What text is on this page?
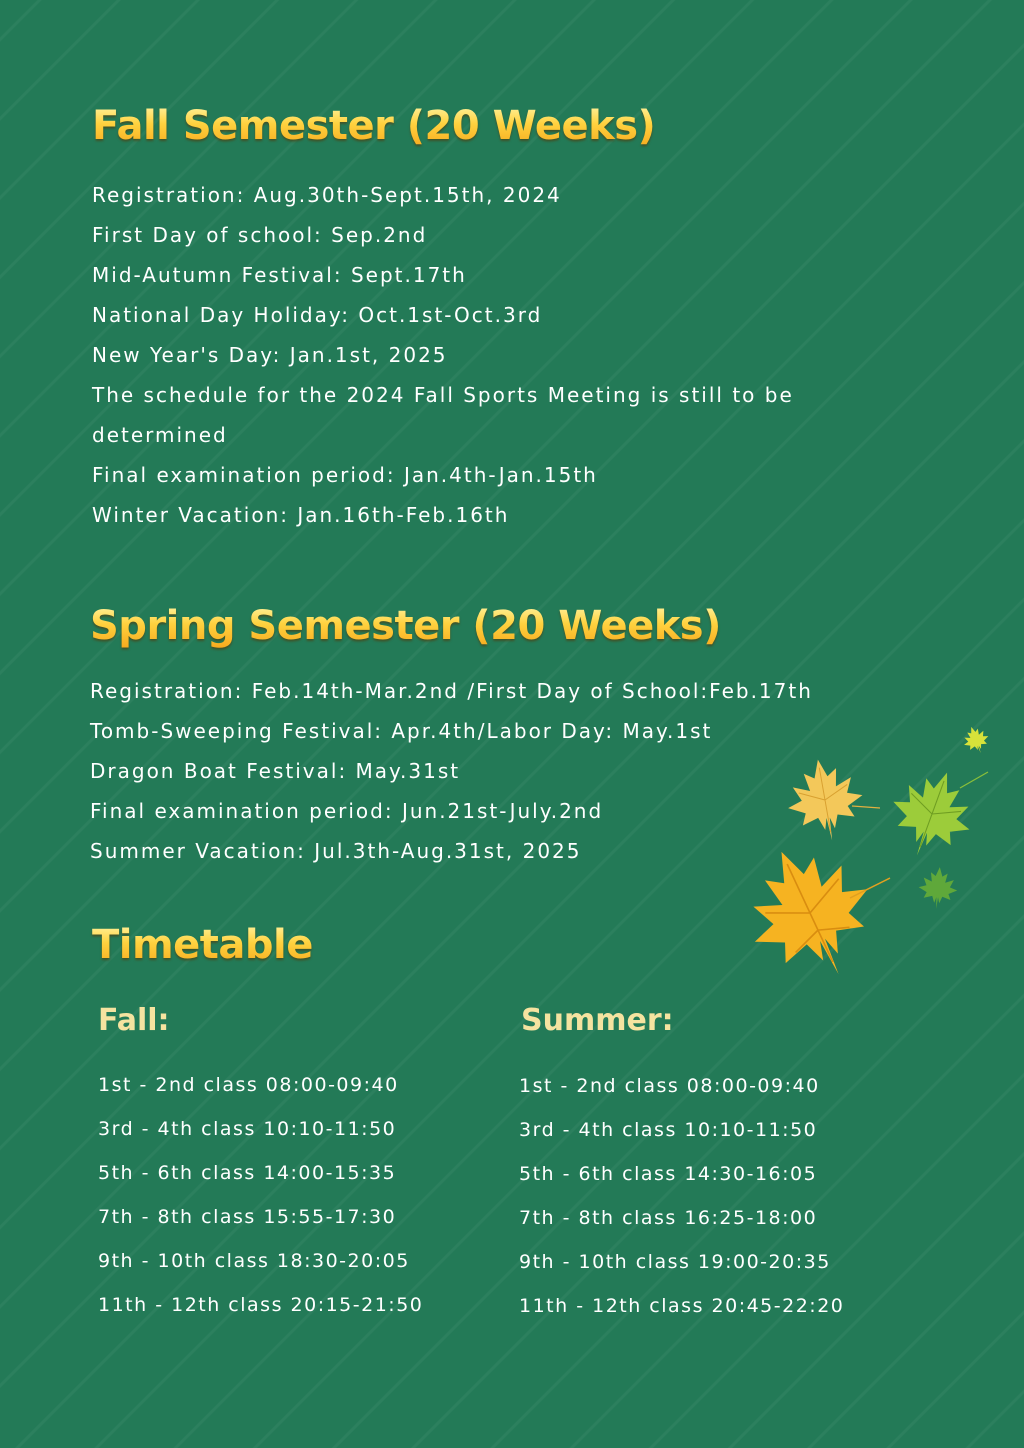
Fall Semester (20 Weeks)
Registration: Aug.30th-Sept.15th, 2024
First Day of school: Sep.2nd
Mid-Autumn Festival: Sept.17th
National Day Holiday: Oct.1st-Oct.3rd
New Year's Day: Jan.1st, 2025
The schedule for the 2024 Fall Sports Meeting is still to be determined
Final examination period: Jan.4th-Jan.15th
Winter Vacation: Jan.16th-Feb.16th
Spring Semester (20 Weeks)
Registration: Feb.14th-Mar.2nd /First Day of School:Feb.17th
Tomb-Sweeping Festival: Apr.4th/Labor Day: May.1st
Dragon Boat Festival: May.31st
Final examination period: Jun.21st-July.2nd
Summer Vacation: Jul.3th-Aug.31st, 2025
Timetable
Fall:	Summer:
1st - 2nd class 08:00-09:40
3rd - 4th class 10:10-11:50
5th - 6th class 14:00-15:35
7th - 8th class 15:55-17:30
9th - 10th class 18:30-20:05
11th - 12th class 20:15-21:50
1st - 2nd class 08:00-09:40
3rd - 4th class 10:10-11:50
5th - 6th class 14:30-16:05
7th - 8th class 16:25-18:00
9th - 10th class 19:00-20:35
11th - 12th class 20:45-22:20
